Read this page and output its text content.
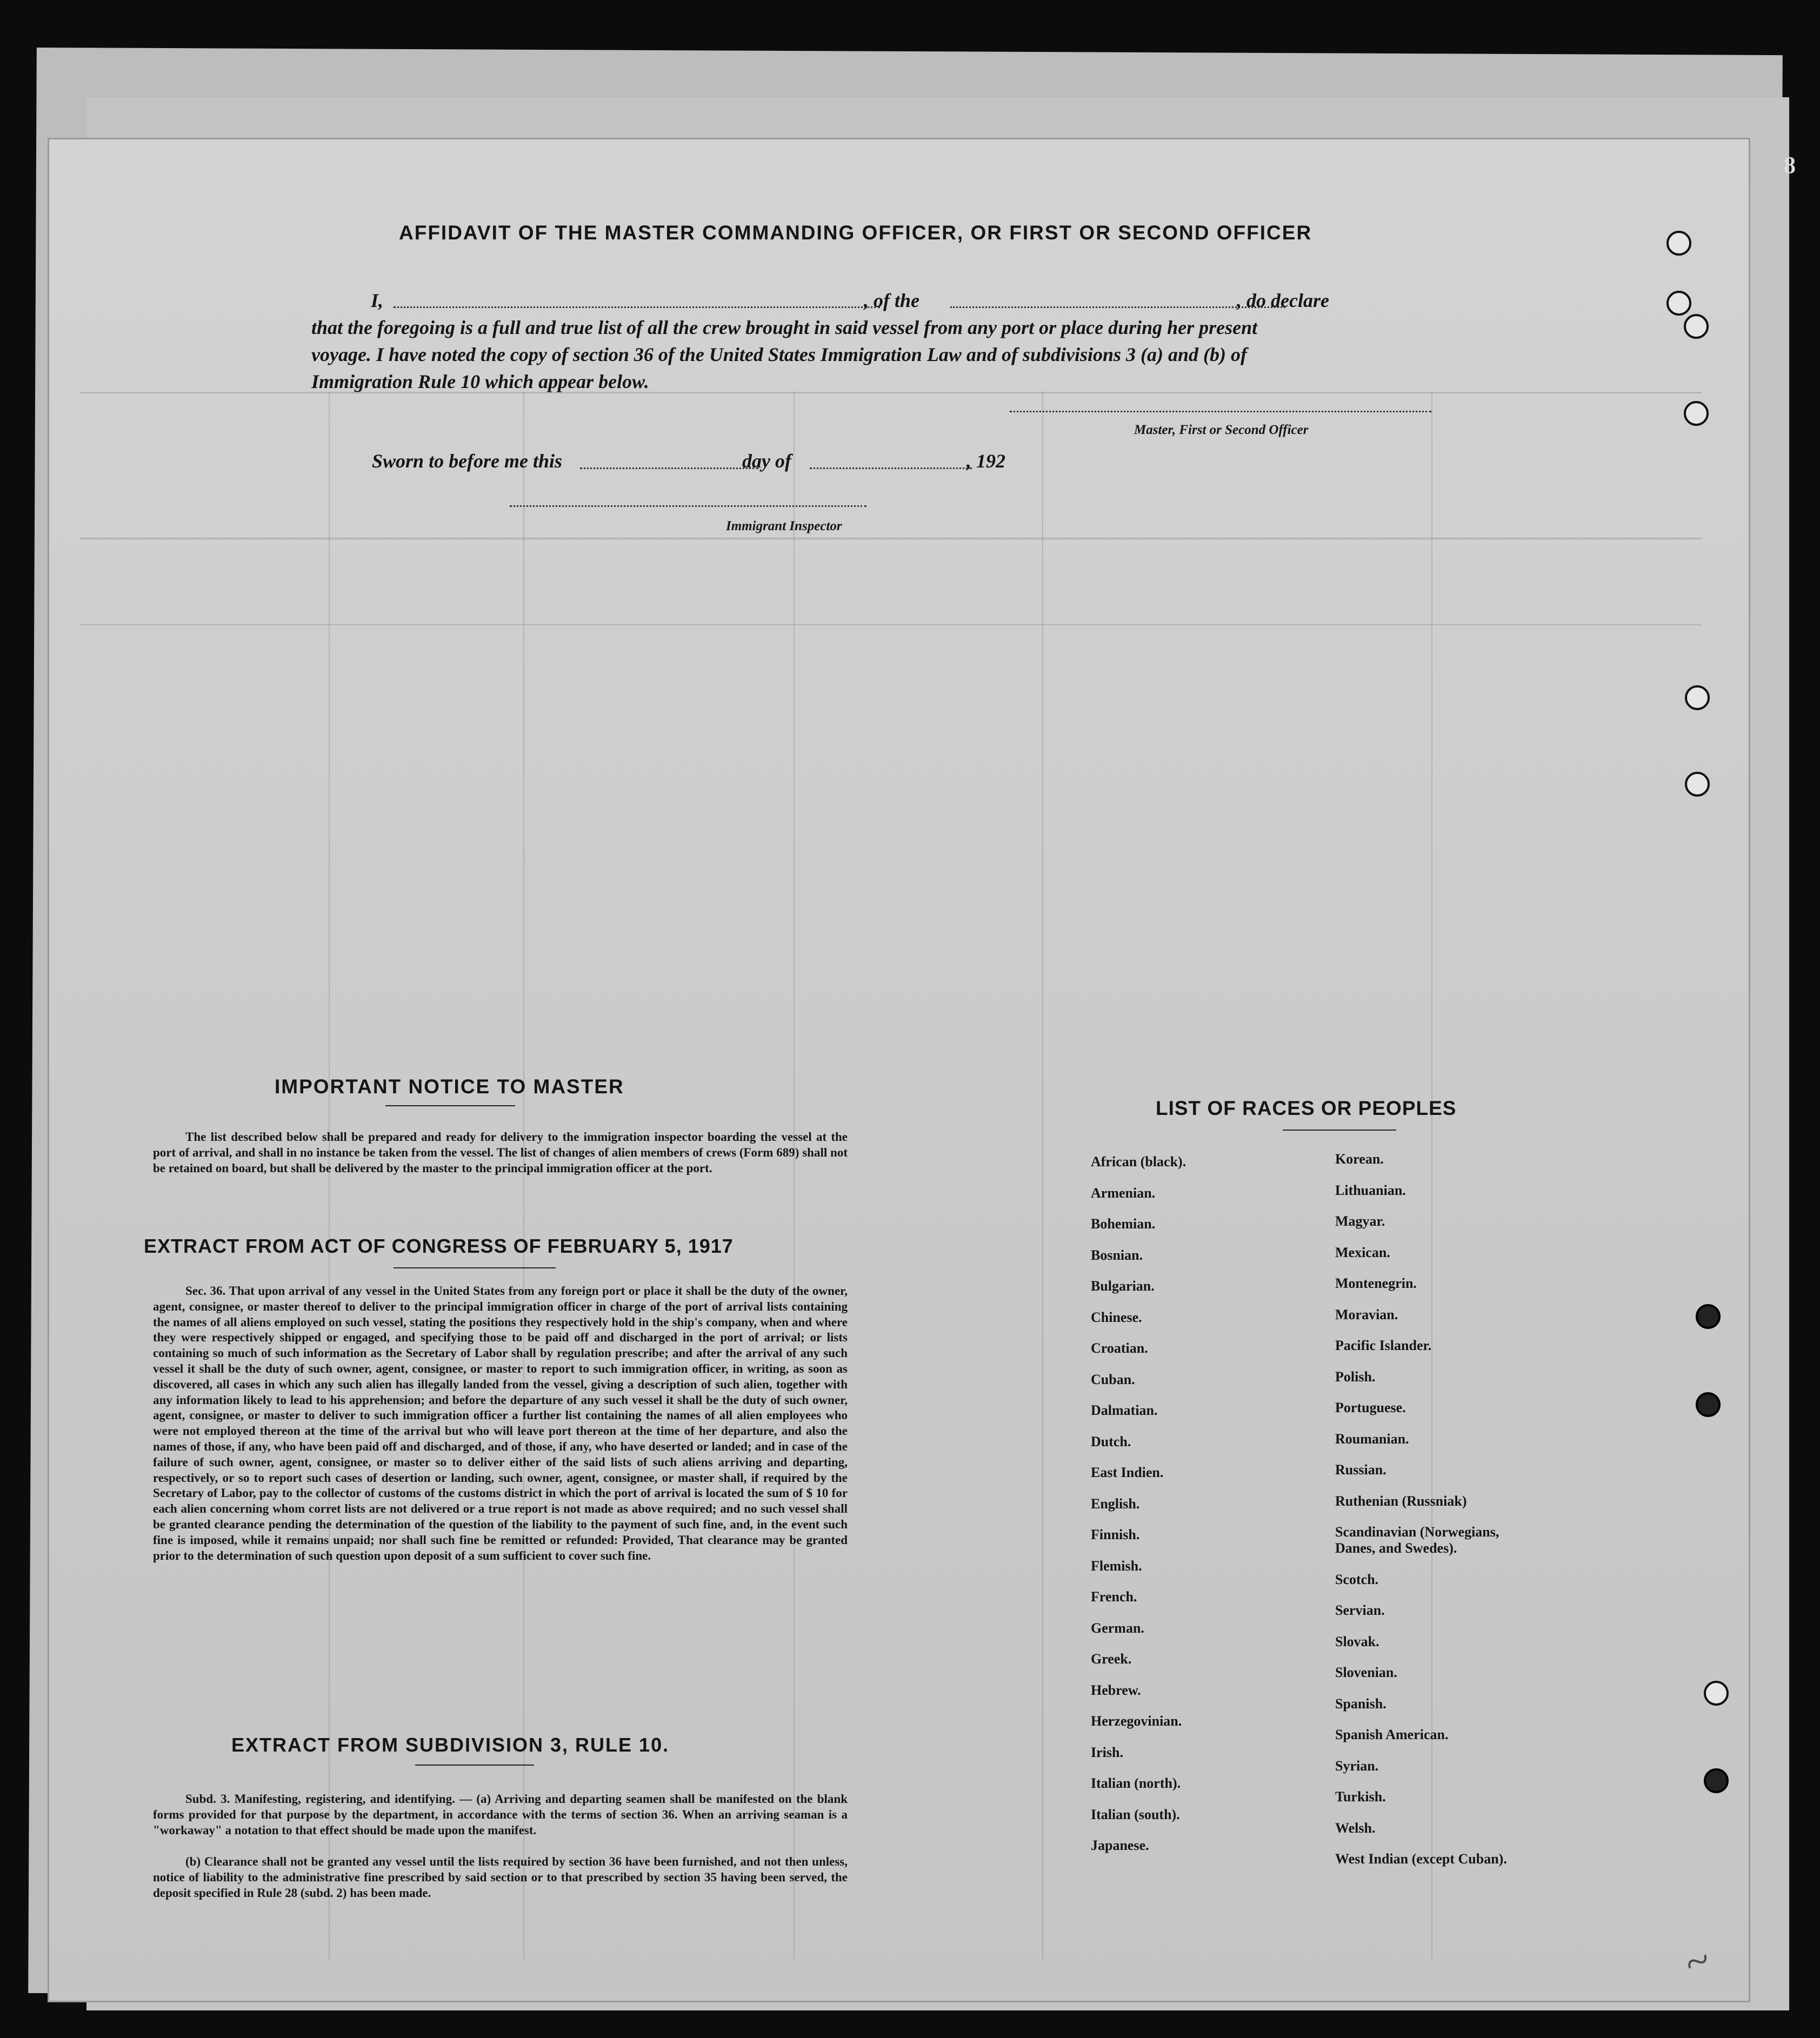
8
AFFIDAVIT OF THE MASTER COMMANDING OFFICER, OR FIRST OR SECOND OFFICER
I,	, of the	, do declare
that the foregoing is a full and true list of all the crew brought in said vessel from any port or place during her present
voyage. I have noted the copy of section 36 of the United States Immigration Law and of subdivisions 3 (a) and (b) of
Immigration Rule 10 which appear below.
Master, First or Second Officer
Sworn to before me this	day of	, 192
Immigrant Inspector
IMPORTANT NOTICE TO MASTER
The list described below shall be prepared and ready for delivery to the immigration inspector boarding the vessel at the port of arrival, and shall in no instance be taken from the vessel. The list of changes of alien members of crews (Form 689) shall not be retained on board, but shall be delivered by the master to the principal immigration officer at the port.
EXTRACT FROM ACT OF CONGRESS OF FEBRUARY 5, 1917
Sec. 36. That upon arrival of any vessel in the United States from any foreign port or place it shall be the duty of the owner, agent, consignee, or master thereof to deliver to the principal immigration officer in charge of the port of arrival lists containing the names of all aliens employed on such vessel, stating the positions they respectively hold in the ship's company, when and where they were respectively shipped or engaged, and specifying those to be paid off and discharged in the port of arrival; or lists containing so much of such information as the Secretary of Labor shall by regulation prescribe; and after the arrival of any such vessel it shall be the duty of such owner, agent, consignee, or master to report to such immigration officer, in writing, as soon as discovered, all cases in which any such alien has illegally landed from the vessel, giving a description of such alien, together with any information likely to lead to his apprehension; and before the departure of any such vessel it shall be the duty of such owner, agent, consignee, or master to deliver to such immigration officer a further list containing the names of all alien employees who were not employed thereon at the time of the arrival but who will leave port thereon at the time of her departure, and also the names of those, if any, who have been paid off and discharged, and of those, if any, who have deserted or landed; and in case of the failure of such owner, agent, consignee, or master so to deliver either of the said lists of such aliens arriving and departing, respectively, or so to report such cases of desertion or landing, such owner, agent, consignee, or master shall, if required by the Secretary of Labor, pay to the collector of customs of the customs district in which the port of arrival is located the sum of $ 10 for each alien concerning whom corret lists are not delivered or a true report is not made as above required; and no such vessel shall be granted clearance pending the determination of the question of the liability to the payment of such fine, and, in the event such fine is imposed, while it remains unpaid; nor shall such fine be remitted or refunded: Provided, That clearance may be granted prior to the determination of such question upon deposit of a sum sufficient to cover such fine.
EXTRACT FROM SUBDIVISION 3, RULE 10.
Subd. 3. Manifesting, registering, and identifying. — (a) Arriving and departing seamen shall be manifested on the blank forms provided for that purpose by the department, in accordance with the terms of section 36. When an arriving seaman is a "workaway" a notation to that effect should be made upon the manifest.
(b) Clearance shall not be granted any vessel until the lists required by section 36 have been furnished, and not then unless, notice of liability to the administrative fine prescribed by said section or to that prescribed by section 35 having been served, the deposit specified in Rule 28 (subd. 2) has been made.
LIST OF RACES OR PEOPLES
African (black).
Armenian.
Bohemian.
Bosnian.
Bulgarian.
Chinese.
Croatian.
Cuban.
Dalmatian.
Dutch.
East Indien.
English.
Finnish.
Flemish.
French.
German.
Greek.
Hebrew.
Herzegovinian.
Irish.
Italian (north).
Italian (south).
Japanese.
Korean.
Lithuanian.
Magyar.
Mexican.
Montenegrin.
Moravian.
Pacific Islander.
Polish.
Portuguese.
Roumanian.
Russian.
Ruthenian (Russniak)
Scandinavian (Norwegians,
Danes, and Swedes).
Scotch.
Servian.
Slovak.
Slovenian.
Spanish.
Spanish American.
Syrian.
Turkish.
Welsh.
West Indian (except Cuban).
~
